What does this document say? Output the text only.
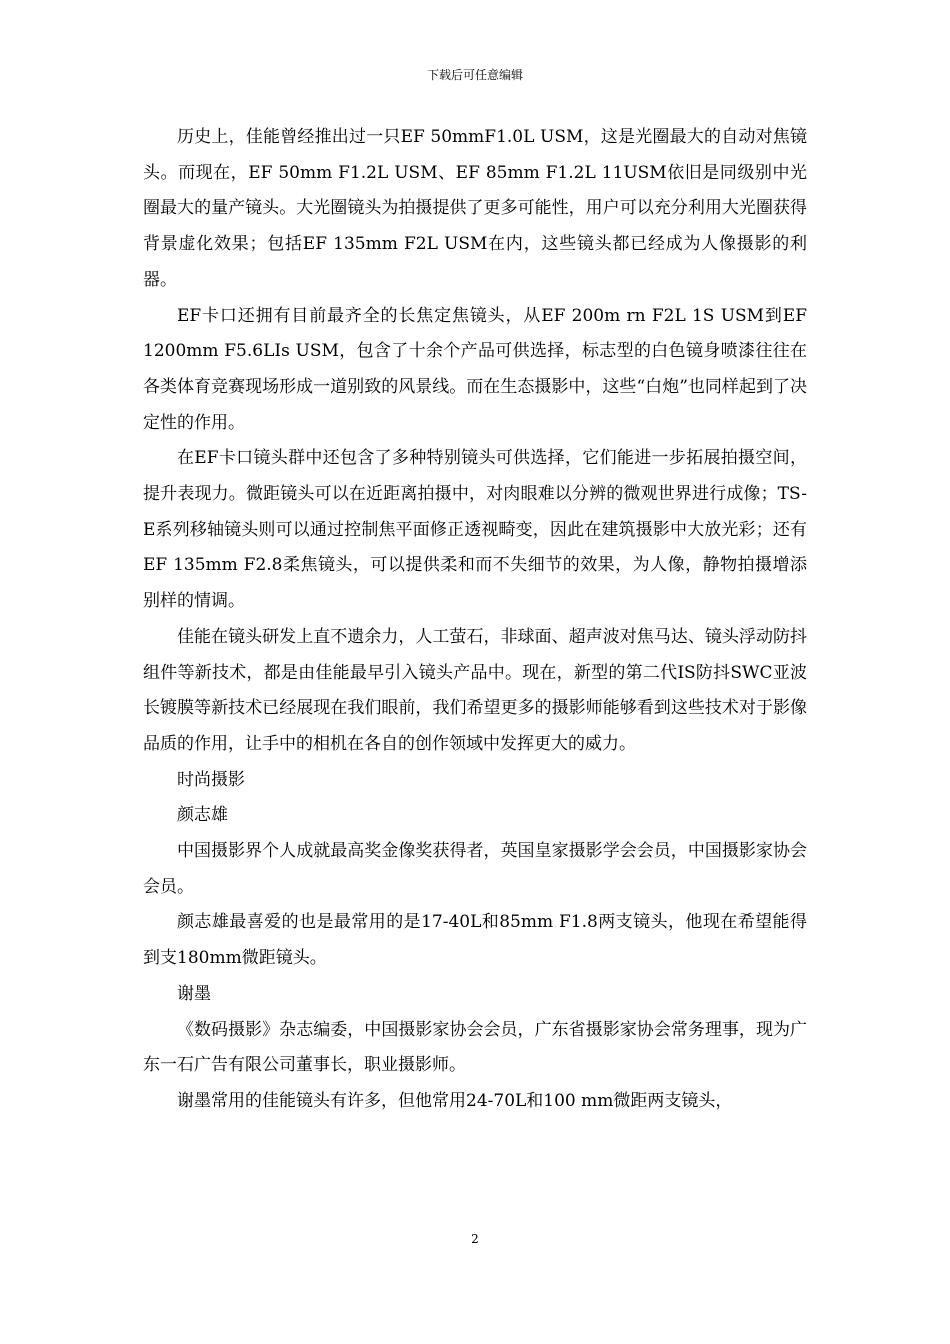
下载后可任意编辑

历史上，佳能曾经推出过一只EF 50mmF1.0L USM，这是光圈最大的自动对焦镜头。而现在，EF 50mm F1.2L USM、EF 85mm F1.2L 11USM依旧是同级别中光圈最大的量产镜头。大光圈镜头为拍摄提供了更多可能性，用户可以充分利用大光圈获得背景虚化效果；包括EF 135mm F2L USM在内，这些镜头都已经成为人像摄影的利器。

EF卡口还拥有目前最齐全的长焦定焦镜头，从EF 200m rn F2L 1S USM到EF 1200mm F5.6LIs USM，包含了十余个产品可供选择，标志型的白色镜身喷漆往往在各类体育竞赛现场形成一道别致的风景线。而在生态摄影中，这些“白炮”也同样起到了决定性的作用。

在EF卡口镜头群中还包含了多种特别镜头可供选择，它们能进一步拓展拍摄空间，提升表现力。微距镜头可以在近距离拍摄中，对肉眼难以分辨的微观世界进行成像；TS-E系列移轴镜头则可以通过控制焦平面修正透视畸变，因此在建筑摄影中大放光彩；还有EF 135mm F2.8柔焦镜头，可以提供柔和而不失细节的效果，为人像，静物拍摄增添别样的情调。

佳能在镜头研发上直不遗余力，人工萤石，非球面、超声波对焦马达、镜头浮动防抖组件等新技术，都是由佳能最早引入镜头产品中。现在，新型的第二代IS防抖SWC亚波长镀膜等新技术已经展现在我们眼前，我们希望更多的摄影师能够看到这些技术对于影像品质的作用，让手中的相机在各自的创作领域中发挥更大的威力。

时尚摄影

颜志雄

中国摄影界个人成就最高奖金像奖获得者，英国皇家摄影学会会员，中国摄影家协会会员。

颜志雄最喜爱的也是最常用的是17-40L和85mm F1.8两支镜头，他现在希望能得到支180mm微距镜头。

谢墨

《数码摄影》杂志编委，中国摄影家协会会员，广东省摄影家协会常务理事，现为广东一石广告有限公司董事长，职业摄影师。

谢墨常用的佳能镜头有许多，但他常用24-70L和100 mm微距两支镜头，

2
